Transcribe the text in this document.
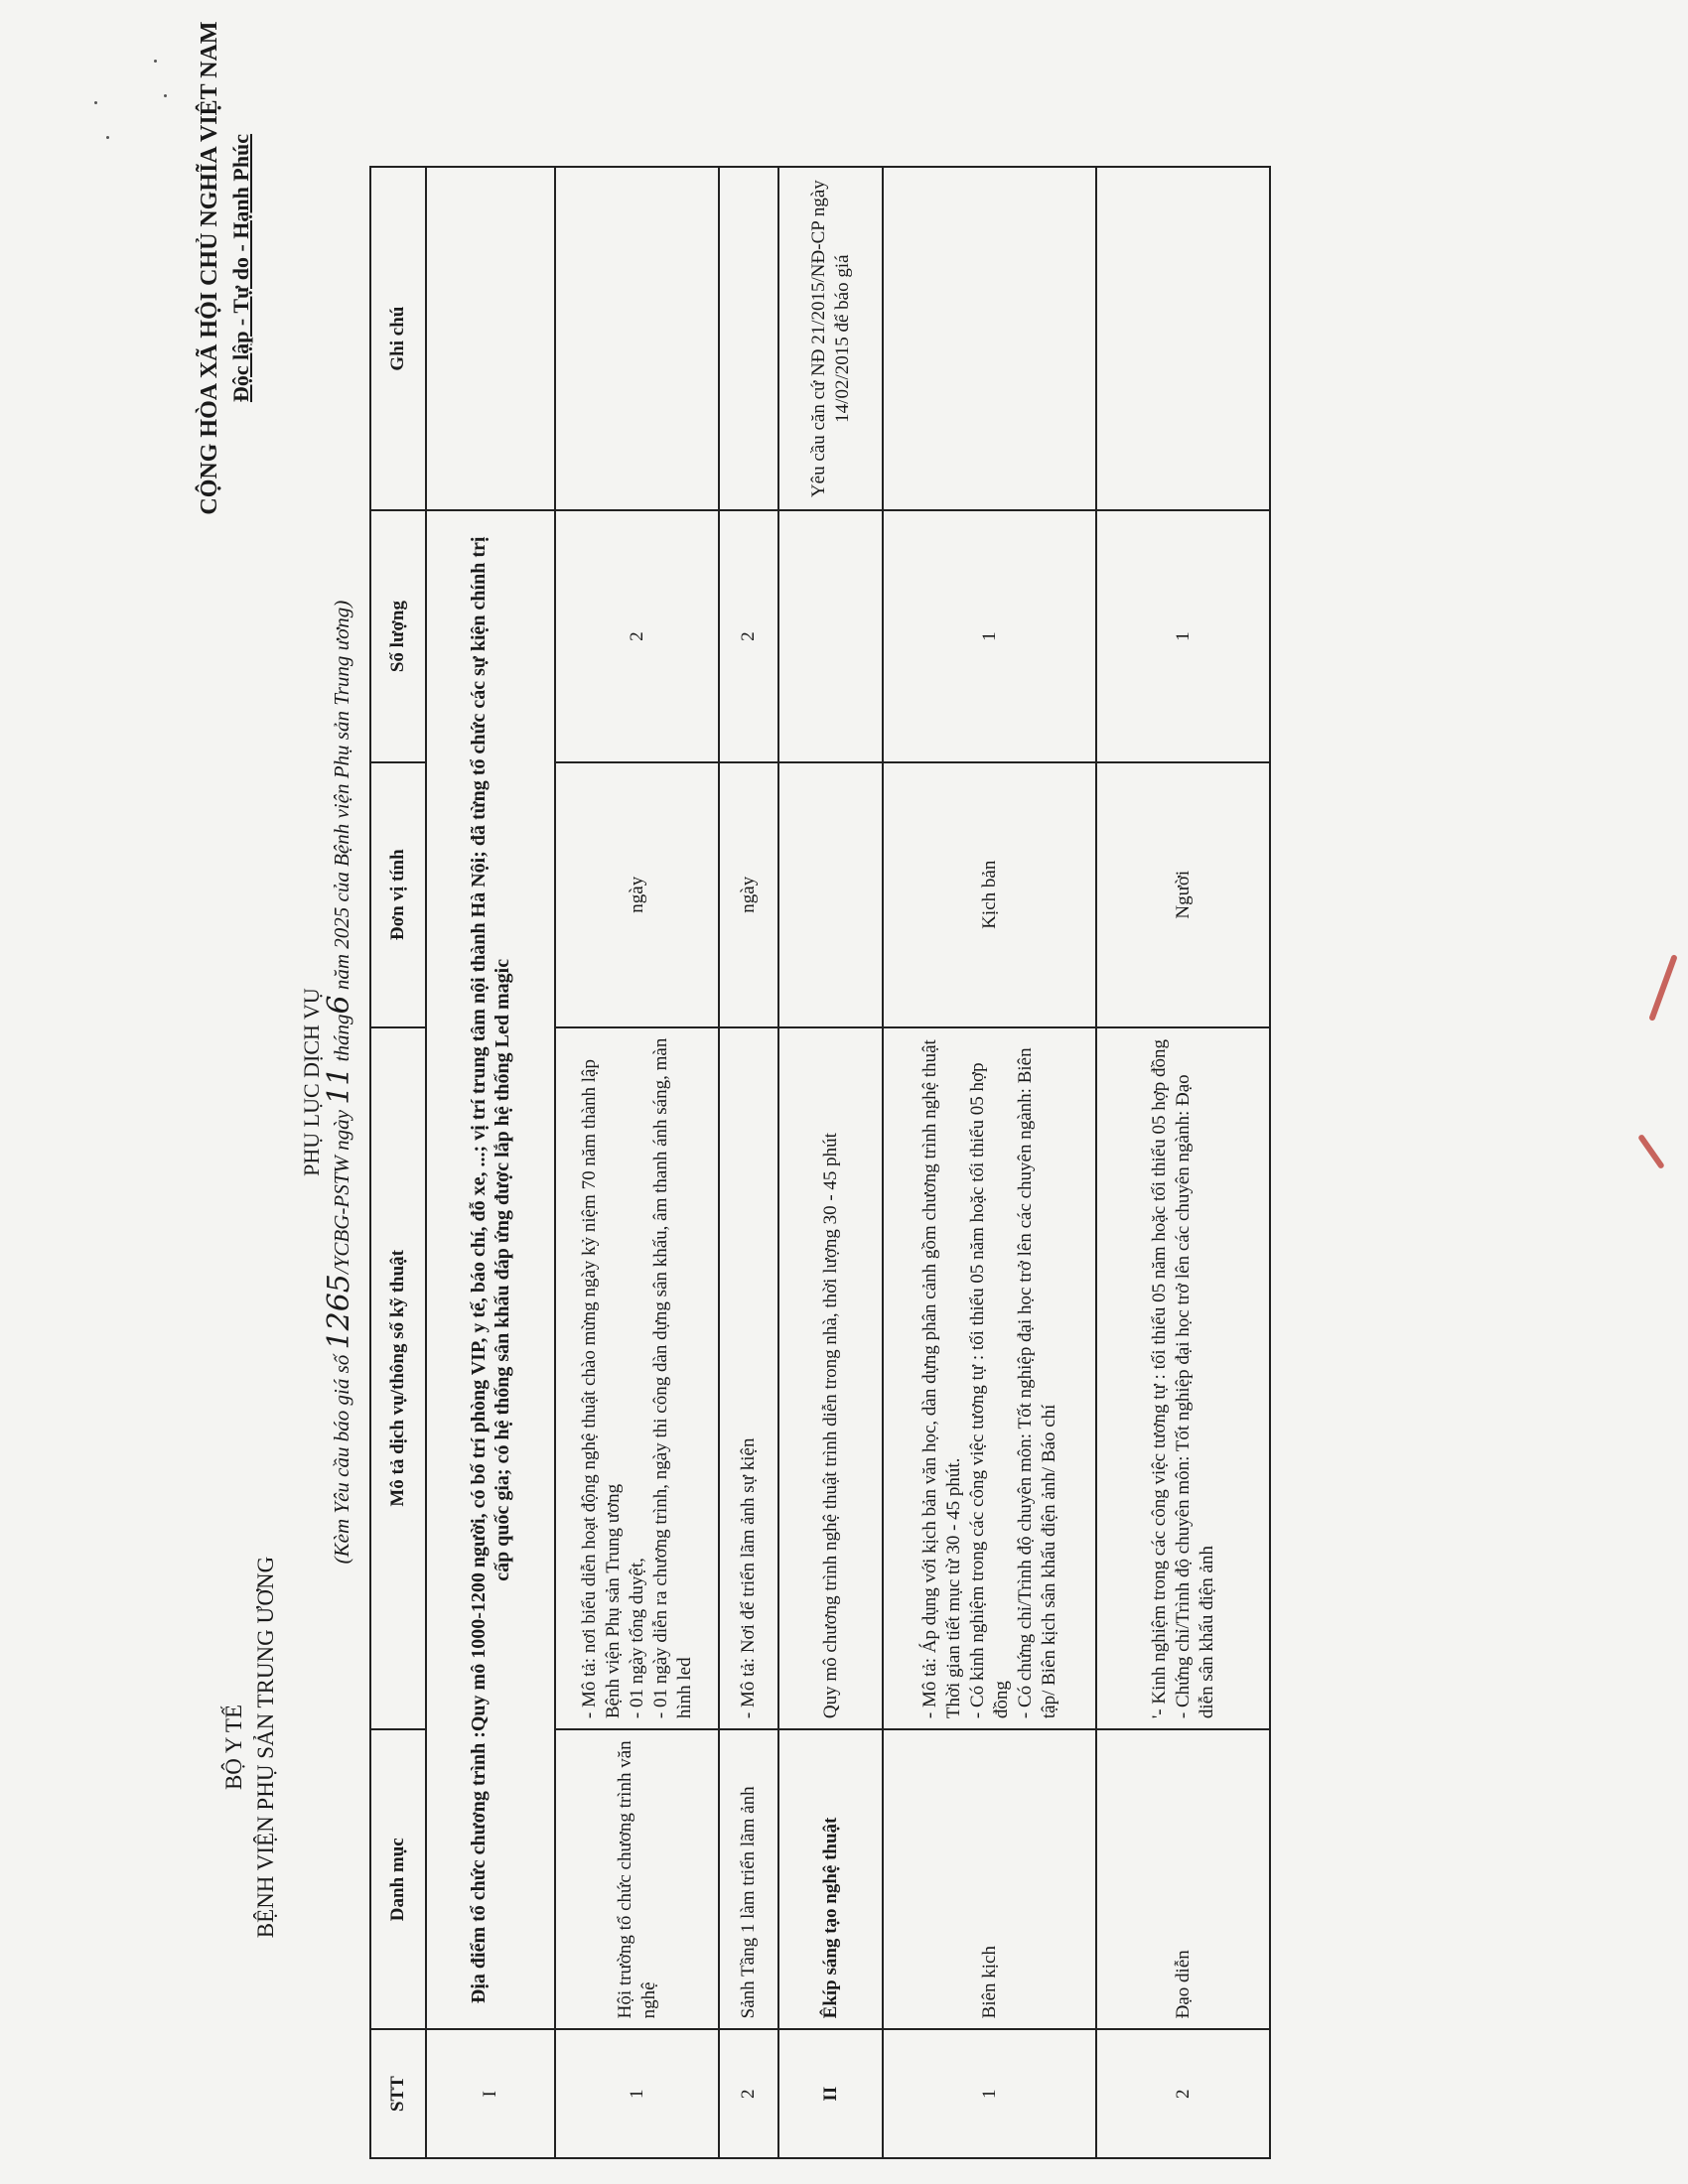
BỘ Y TẾ BỆNH VIỆN PHỤ SẢN TRUNG ƯƠNG
CỘNG HÒA XÃ HỘI CHỦ NGHĨA VIỆT NAM Độc lập - Tự do - Hạnh Phúc
PHỤ LỤC DỊCH VỤ
(Kèm Yêu cầu báo giá số 1265/YCBG-PSTW ngày 11 tháng6 năm 2025 của Bệnh viện Phụ sản Trung ương)
STT	Danh mục	Mô tả dịch vụ/thông số kỹ thuật	Đơn vị tính	Số lượng	Ghi chú
I	Địa điểm tổ chức chương trình :Quy mô 1000-1200 người, có bố trí phòng VIP, y tế, báo chí, đỗ xe, ...; vị trí trung tâm nội thành Hà Nội; đã từng tổ chức các sự kiện chính trị cấp quốc gia; có hệ thống sân khấu đáp ứng được lắp hệ thống Led magic				
1	Hội trường tổ chức chương trình văn nghệ	- Mô tả: nơi biểu diễn hoạt động nghệ thuật chào mừng ngày kỷ niệm 70 năm thành lập Bệnh viện Phụ sản Trung ương
- 01 ngày tổng duyệt,
- 01 ngày diễn ra chương trình, ngày thi công dàn dựng sân khấu, âm thanh ánh sáng, màn hình led	ngày	2	
2	Sảnh Tầng 1 làm triển lãm ảnh	- Mô tả: Nơi để triển lãm ảnh sự kiện	ngày	2	
II	Êkíp sáng tạo nghệ thuật	Quy mô chương trình nghệ thuật trình diễn trong nhà, thời lượng 30 - 45 phút			Yêu cầu căn cứ NĐ 21/2015/NĐ-CP ngày 14/02/2015 để báo giá
1	Biên kịch	- Mô tả: Áp dụng với kịch bản văn học, dàn dựng phân cảnh gồm chương trình nghệ thuật Thời gian tiết mục từ 30 - 45 phút.
- Có kinh nghiệm trong các công việc tương tự : tối thiểu 05 năm hoặc tối thiểu 05 hợp đồng
- Có chứng chỉ/Trình độ chuyên môn: Tốt nghiệp đại học trở lên các chuyên ngành: Biên tập/ Biên kịch sân khấu điện ảnh/ Báo chí	Kịch bản	1	
2	Đạo diễn	'- Kinh nghiệm trong các công việc tương tự : tối thiểu 05 năm hoặc tối thiểu 05 hợp đồng
- Chứng chỉ/Trình độ chuyên môn: Tốt nghiệp đại học trở lên các chuyên ngành: Đạo diễn sân khấu điện ảnh	Người	1	
